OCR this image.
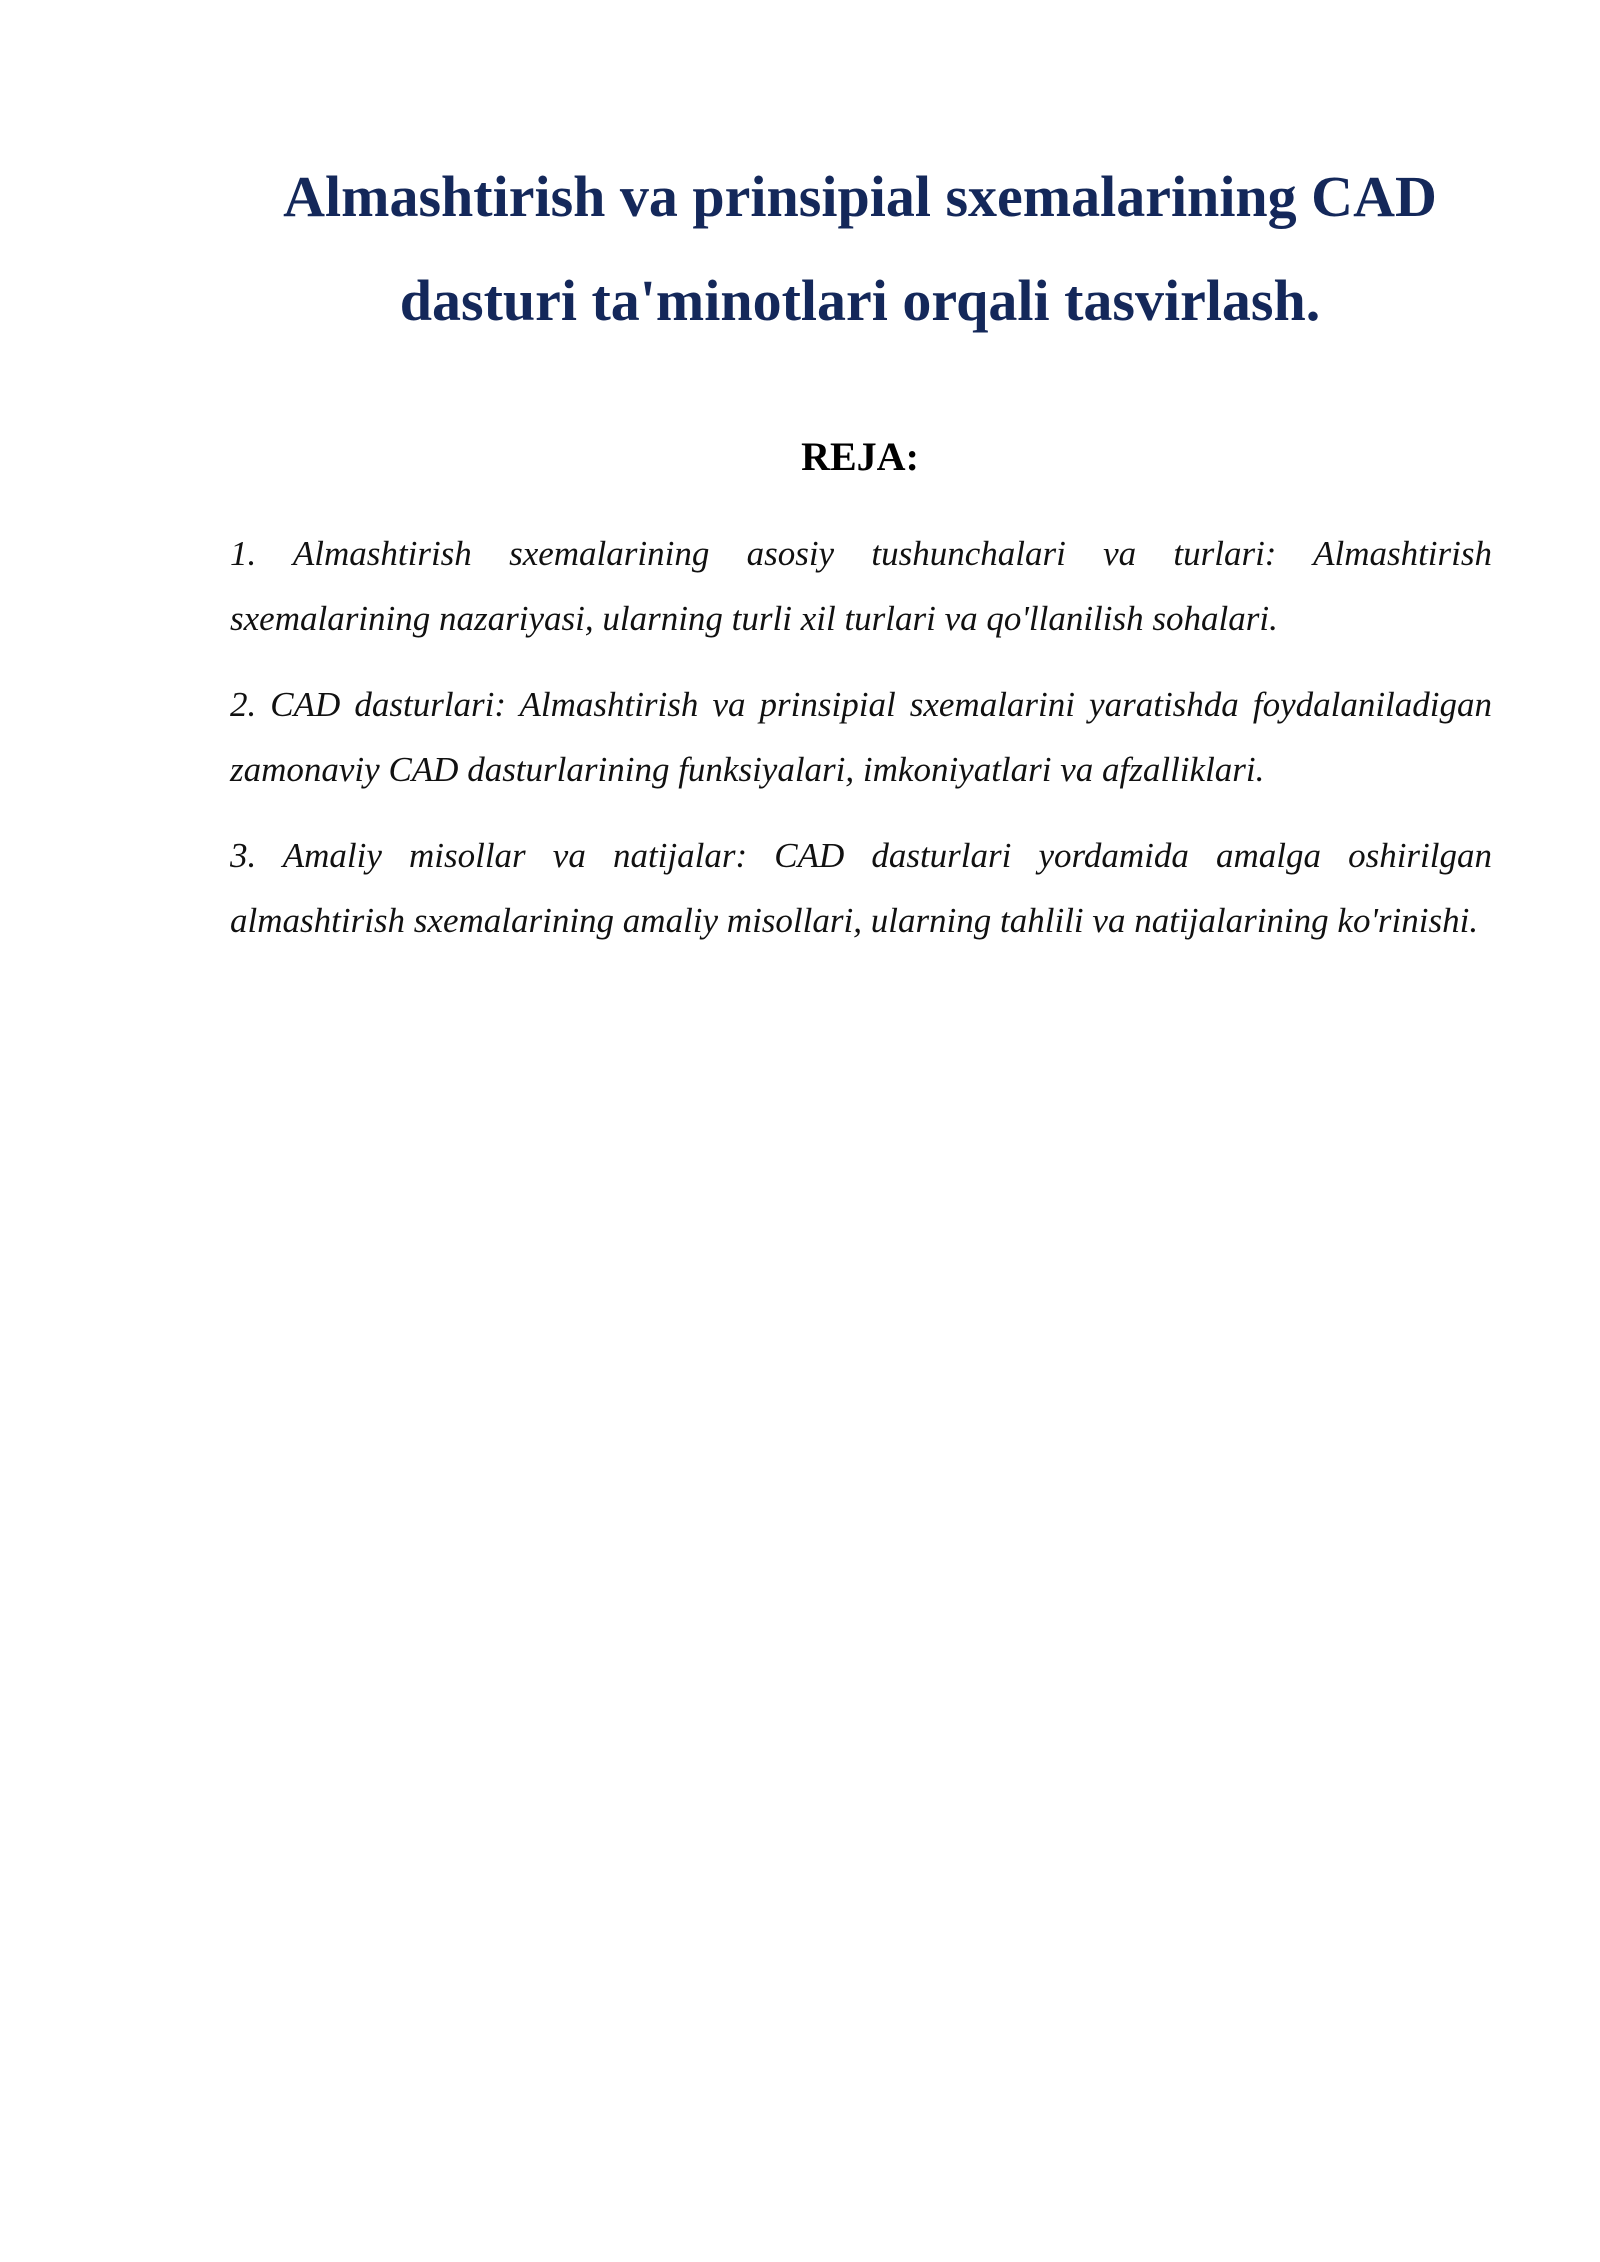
Almashtirish va prinsipial sxemalarining CAD dasturi ta'minotlari orqali tasvirlash.
REJA:
1. Almashtirish sxemalarining asosiy tushunchalari va turlari: Almashtirish sxemalarining nazariyasi, ularning turli xil turlari va qo'llanilish sohalari.
2. CAD dasturlari: Almashtirish va prinsipial sxemalarini yaratishda foydalaniladigan zamonaviy CAD dasturlarining funksiyalari, imkoniyatlari va afzalliklari.
3. Amaliy misollar va natijalar: CAD dasturlari yordamida amalga oshirilgan almashtirish sxemalarining amaliy misollari, ularning tahlili va natijalarining ko'rinishi.
